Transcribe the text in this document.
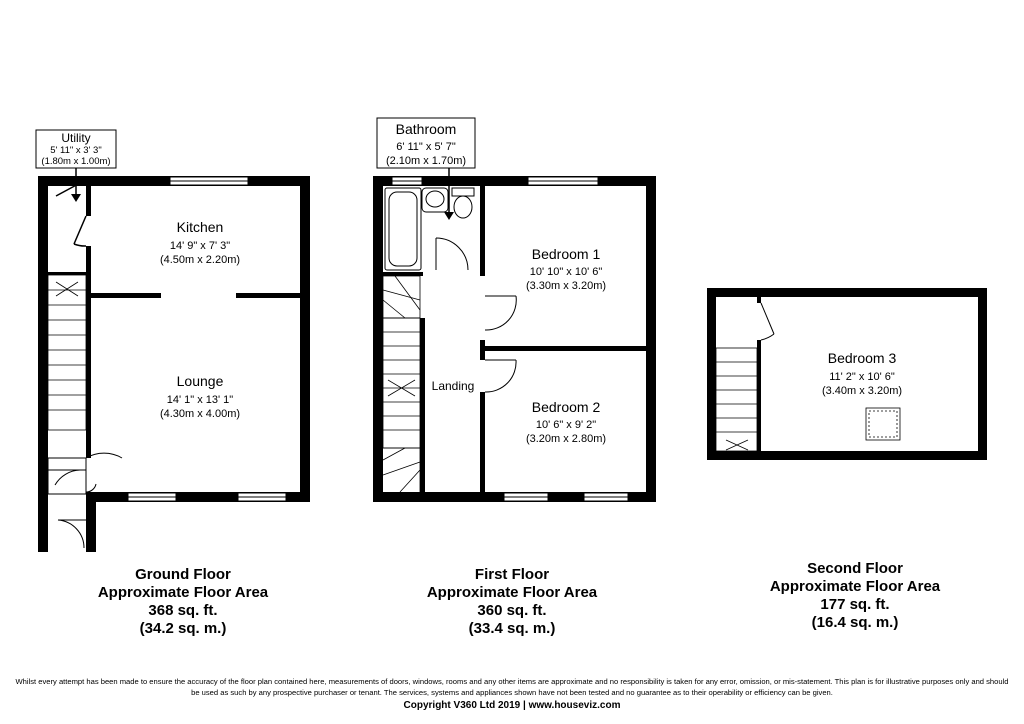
Utility
5' 11" x 3' 3"
(1.80m x 1.00m)
Kitchen
14' 9" x 7' 3"
(4.50m x 2.20m)
Lounge
14' 1" x 13' 1"
(4.30m x 4.00m)
Ground Floor
Approximate Floor Area
368 sq. ft.
(34.2 sq. m.)
Bathroom
6' 11" x 5' 7"
(2.10m x 1.70m)
Bedroom 1
10' 10" x 10' 6"
(3.30m x 3.20m)
Bedroom 2
10' 6" x 9' 2"
(3.20m x 2.80m)
Landing
First Floor
Approximate Floor Area
360 sq. ft.
(33.4 sq. m.)
Bedroom 3
11' 2" x 10' 6"
(3.40m x 3.20m)
Second Floor
Approximate Floor Area
177 sq. ft.
(16.4 sq. m.)
Whilst every attempt has been made to ensure the accuracy of the floor plan contained here, measurements of doors, windows, rooms and any other items are approximate and no responsibility is taken for any error, omission, or mis-statement. This plan is for illustrative purposes only and should be used as such by any prospective purchaser or tenant. The services, systems and appliances shown have not been tested and no guarantee as to their operability or efficiency can be given.
Copyright V360 Ltd 2019 | www.houseviz.com
